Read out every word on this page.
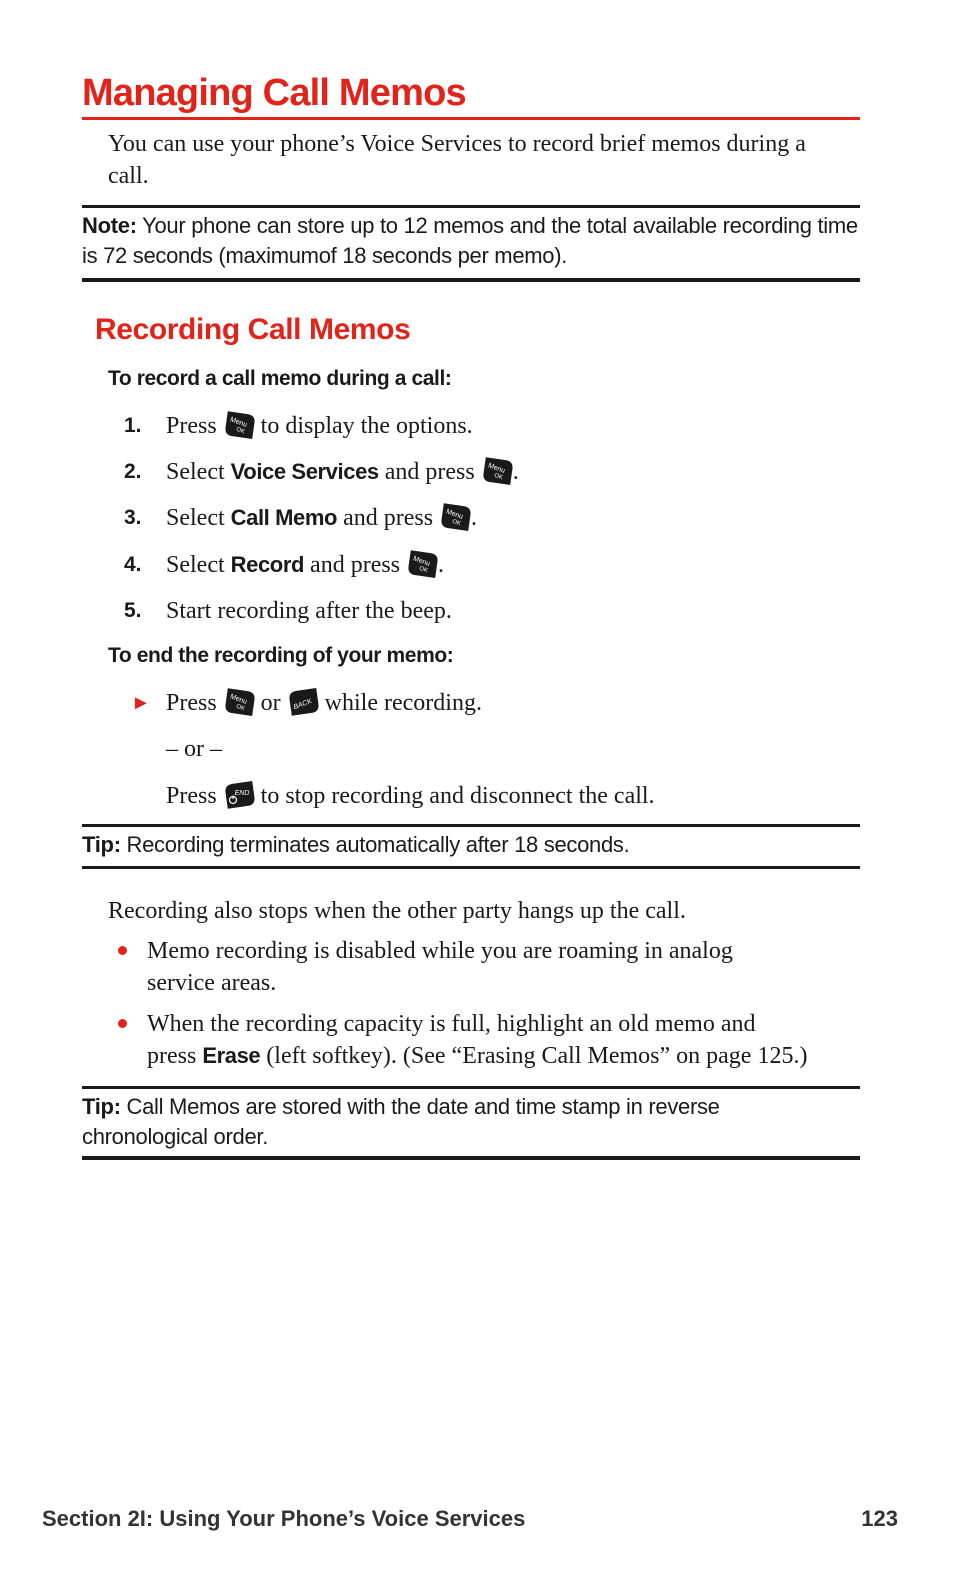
Managing Call Memos
You can use your phone’s Voice Services to record brief memos during a call.
Note: Your phone can store up to 12 memos and the total available recording time is 72 seconds (maximumof 18 seconds per memo).
Recording Call Memos
To record a call memo during a call:
1. Press Menu
OK to display the options.
2. Select Voice Services and press Menu
OK .
3. Select Call Memo and press Menu
OK .
4. Select Record and press Menu
OK .
5. Start recording after the beep.
To end the recording of your memo:
► Press Menu
OK or BACK while recording.
– or –
Press	END to stop recording and disconnect the call.
Tip: Recording terminates automatically after 18 seconds.
Recording also stops when the other party hangs up the call.
Memo recording is disabled while you are roaming in analog
service areas.
When the recording capacity is full, highlight an old memo and
press Erase (left softkey). (See “Erasing Call Memos” on page 125.)
Tip: Call Memos are stored with the date and time stamp in reverse
chronological order.
Section 2I: Using Your Phone’s Voice Services	123
